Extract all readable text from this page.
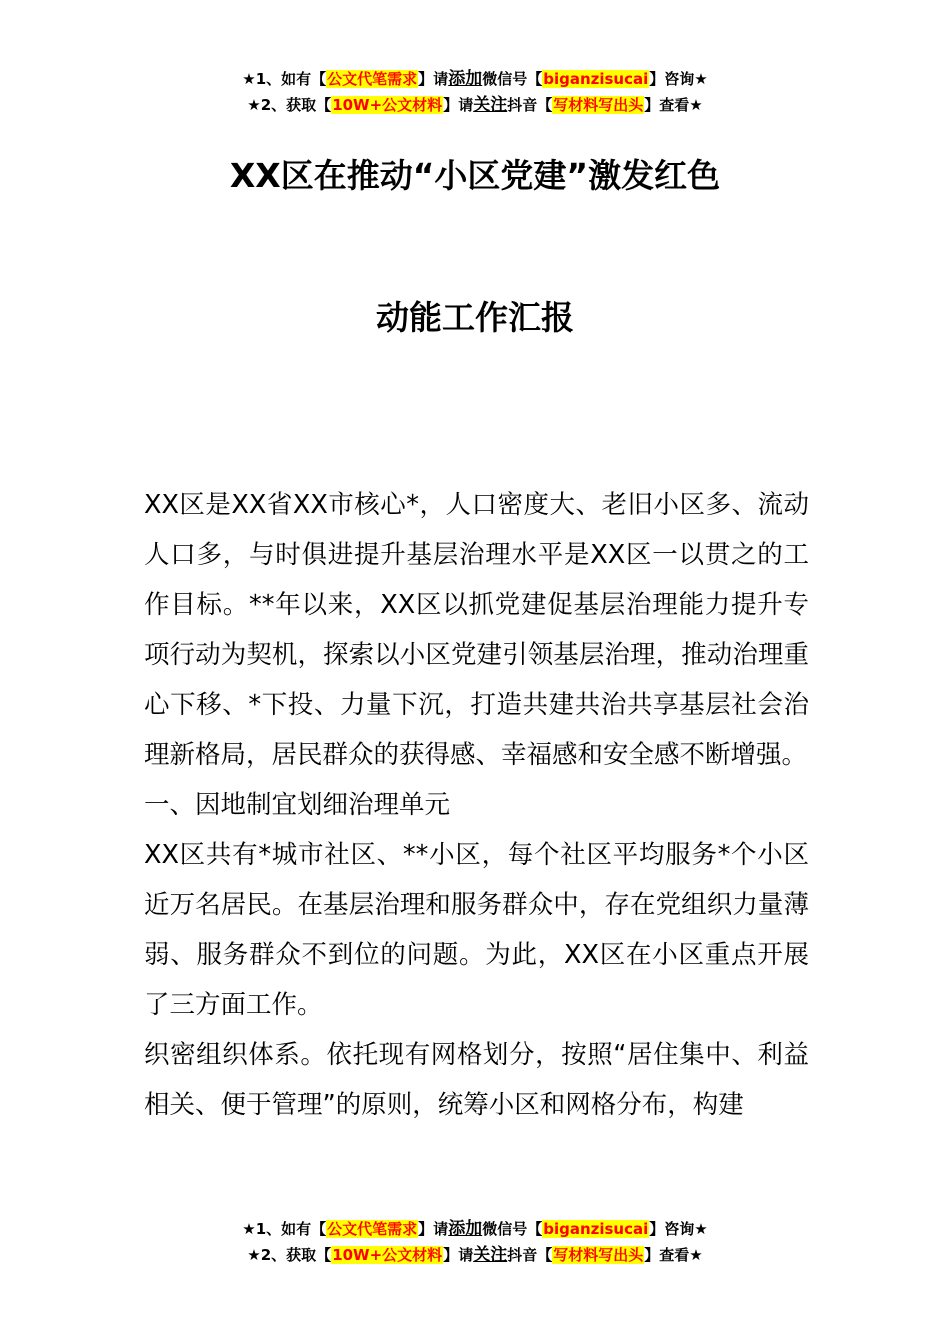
★1、如有【公文代笔需求】请添加微信号【biganzisucai】咨询★
★2、获取【10W+公文材料】请关注抖音【写材料写出头】查看★
XX区在推动“小区党建”激发红色
动能工作汇报

XX区是XX省XX市核心*，人口密度大、老旧小区多、流动人口多，与时俱进提升基层治理水平是XX区一以贯之的工作目标。**年以来，XX区以抓党建促基层治理能力提升专项行动为契机，探索以小区党建引领基层治理，推动治理重心下移、*下投、力量下沉，打造共建共治共享基层社会治理新格局，居民群众的获得感、幸福感和安全感不断增强。

一、因地制宜划细治理单元

XX区共有*城市社区、**小区，每个社区平均服务*个小区近万名居民。在基层治理和服务群众中，存在党组织力量薄弱、服务群众不到位的问题。为此，XX区在小区重点开展了三方面工作。

织密组织体系。依托现有网格划分，按照“居住集中、利益相关、便于管理”的原则，统筹小区和网格分布，构建

★1、如有【公文代笔需求】请添加微信号【biganzisucai】咨询★
★2、获取【10W+公文材料】请关注抖音【写材料写出头】查看★
